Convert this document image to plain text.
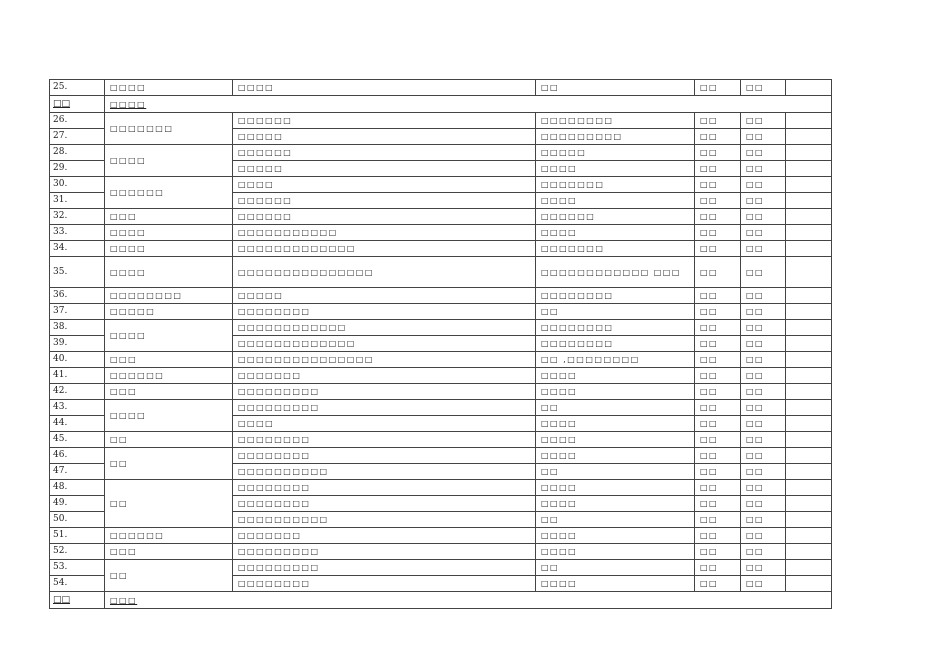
25.	□□□□	□□□□	□□	□□	□□	
□□	□□□□					
26.	□□□□□□□	□□□□□□	□□□□□□□□	□□	□□	
27.		□□□□□	□□□□□□□□□	□□	□□	
28.	□□□□	□□□□□□	□□□□□	□□	□□	
29.		□□□□□	□□□□	□□	□□	
30.	□□□□□□	□□□□	□□□□□□□	□□	□□	
31.		□□□□□□	□□□□	□□	□□	
32.	□□□	□□□□□□	□□□□□□	□□	□□	
33.	□□□□	□□□□□□□□□□□	□□□□	□□	□□	
34.	□□□□	□□□□□□□□□□□□□	□□□□□□□	□□	□□	
35.	□□□□	□□□□□□□□□□□□□□□	□□□□□□□□□□□□ □□□	□□	□□	
36.	□□□□□□□□	□□□□□	□□□□□□□□	□□	□□	
37.	□□□□□	□□□□□□□□	□□	□□	□□	
38.	□□□□	□□□□□□□□□□□□	□□□□□□□□	□□	□□	
39.		□□□□□□□□□□□□□	□□□□□□□□	□□	□□	
40.	□□□	□□□□□□□□□□□□□□□	□□ ,□□□□□□□□	□□	□□	
41.	□□□□□□	□□□□□□□	□□□□	□□	□□	
42.	□□□	□□□□□□□□□	□□□□	□□	□□	
43.	□□□□	□□□□□□□□□	□□	□□	□□	
44.		□□□□	□□□□	□□	□□	
45.	□□	□□□□□□□□	□□□□	□□	□□	
46.	□□	□□□□□□□□	□□□□	□□	□□	
47.		□□□□□□□□□□	□□	□□	□□	
48.	□□	□□□□□□□□	□□□□	□□	□□	
49.		□□□□□□□□	□□□□	□□	□□	
50.		□□□□□□□□□□	□□	□□	□□	
51.	□□□□□□	□□□□□□□	□□□□	□□	□□	
52.	□□□	□□□□□□□□□	□□□□	□□	□□	
53.	□□	□□□□□□□□□	□□	□□	□□	
54.		□□□□□□□□	□□□□	□□	□□	
□□	□□□					
